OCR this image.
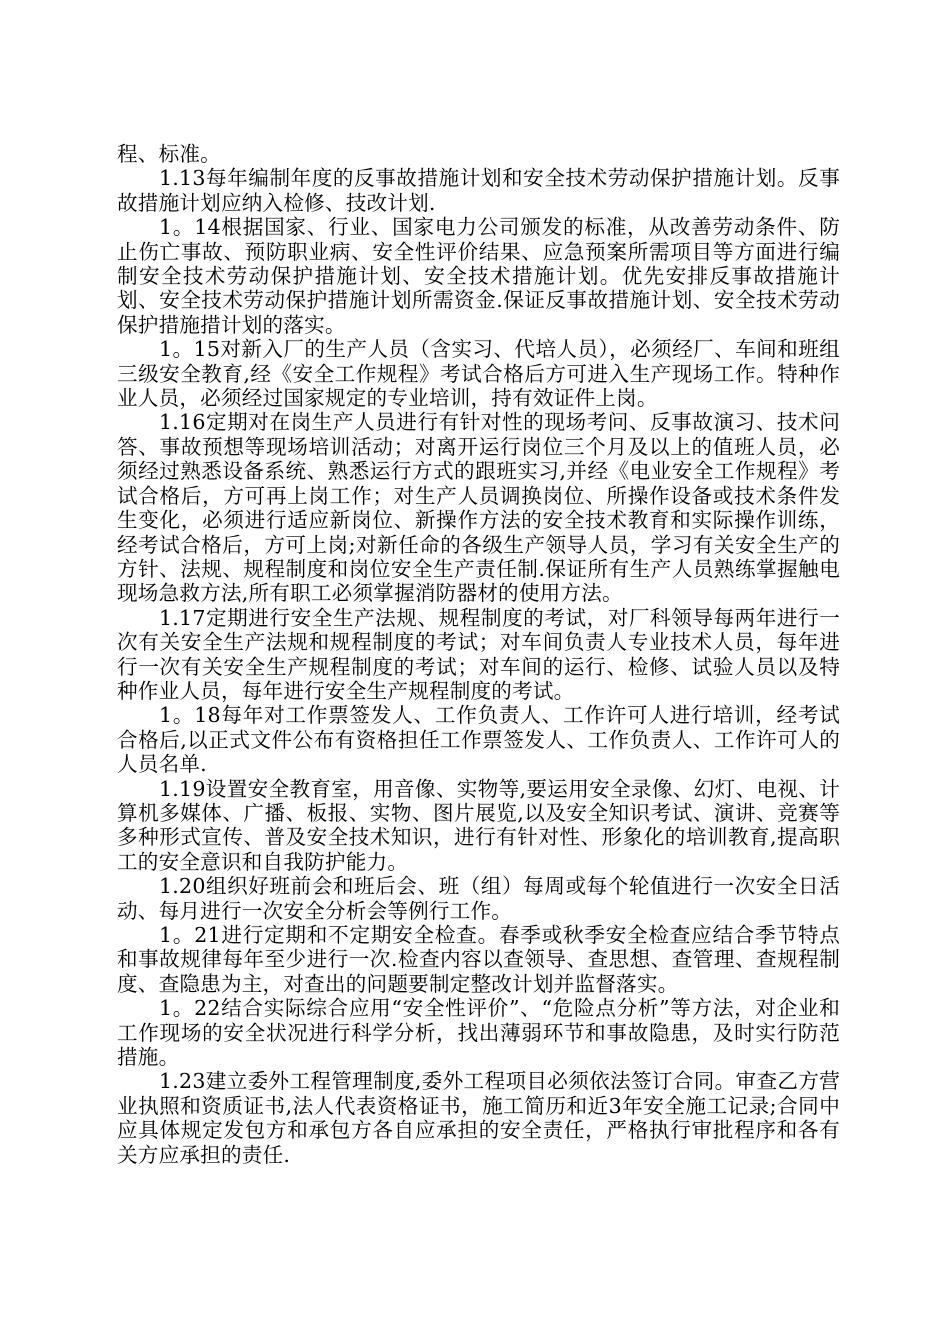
程、标准。

1.13每年编制年度的反事故措施计划和安全技术劳动保护措施计划。反事故措施计划应纳入检修、技改计划.

1。14根据国家、行业、国家电力公司颁发的标准，从改善劳动条件、防止伤亡事故、预防职业病、安全性评价结果、应急预案所需项目等方面进行编制安全技术劳动保护措施计划、安全技术措施计划。优先安排反事故措施计划、安全技术劳动保护措施计划所需资金.保证反事故措施计划、安全技术劳动保护措施措计划的落实。

1。15对新入厂的生产人员（含实习、代培人员），必须经厂、车间和班组三级安全教育,经《安全工作规程》考试合格后方可进入生产现场工作。特种作业人员，必须经过国家规定的专业培训，持有效证件上岗。

1.16定期对在岗生产人员进行有针对性的现场考问、反事故演习、技术问答、事故预想等现场培训活动；对离开运行岗位三个月及以上的值班人员，必须经过熟悉设备系统、熟悉运行方式的跟班实习,并经《电业安全工作规程》考试合格后，方可再上岗工作；对生产人员调换岗位、所操作设备或技术条件发生变化，必须进行适应新岗位、新操作方法的安全技术教育和实际操作训练，经考试合格后，方可上岗;对新任命的各级生产领导人员，学习有关安全生产的方针、法规、规程制度和岗位安全生产责任制.保证所有生产人员熟练掌握触电现场急救方法,所有职工必须掌握消防器材的使用方法。

1.17定期进行安全生产法规、规程制度的考试，对厂科领导每两年进行一次有关安全生产法规和规程制度的考试；对车间负责人专业技术人员，每年进行一次有关安全生产规程制度的考试；对车间的运行、检修、试验人员以及特种作业人员，每年进行安全生产规程制度的考试。

1。18每年对工作票签发人、工作负责人、工作许可人进行培训，经考试合格后,以正式文件公布有资格担任工作票签发人、工作负责人、工作许可人的人员名单.

1.19设置安全教育室，用音像、实物等,要运用安全录像、幻灯、电视、计算机多媒体、广播、板报、实物、图片展览,以及安全知识考试、演讲、竞赛等多种形式宣传、普及安全技术知识，进行有针对性、形象化的培训教育,提高职工的安全意识和自我防护能力。

1.20组织好班前会和班后会、班（组）每周或每个轮值进行一次安全日活动、每月进行一次安全分析会等例行工作。

1。21进行定期和不定期安全检查。春季或秋季安全检查应结合季节特点和事故规律每年至少进行一次.检查内容以查领导、查思想、查管理、查规程制度、查隐患为主，对查出的问题要制定整改计划并监督落实。

1。22结合实际综合应用“安全性评价”、“危险点分析”等方法，对企业和工作现场的安全状况进行科学分析，找出薄弱环节和事故隐患，及时实行防范措施。

1.23建立委外工程管理制度,委外工程项目必须依法签订合同。审查乙方营业执照和资质证书,法人代表资格证书，施工简历和近3年安全施工记录;合同中应具体规定发包方和承包方各自应承担的安全责任，严格执行审批程序和各有关方应承担的责任.
